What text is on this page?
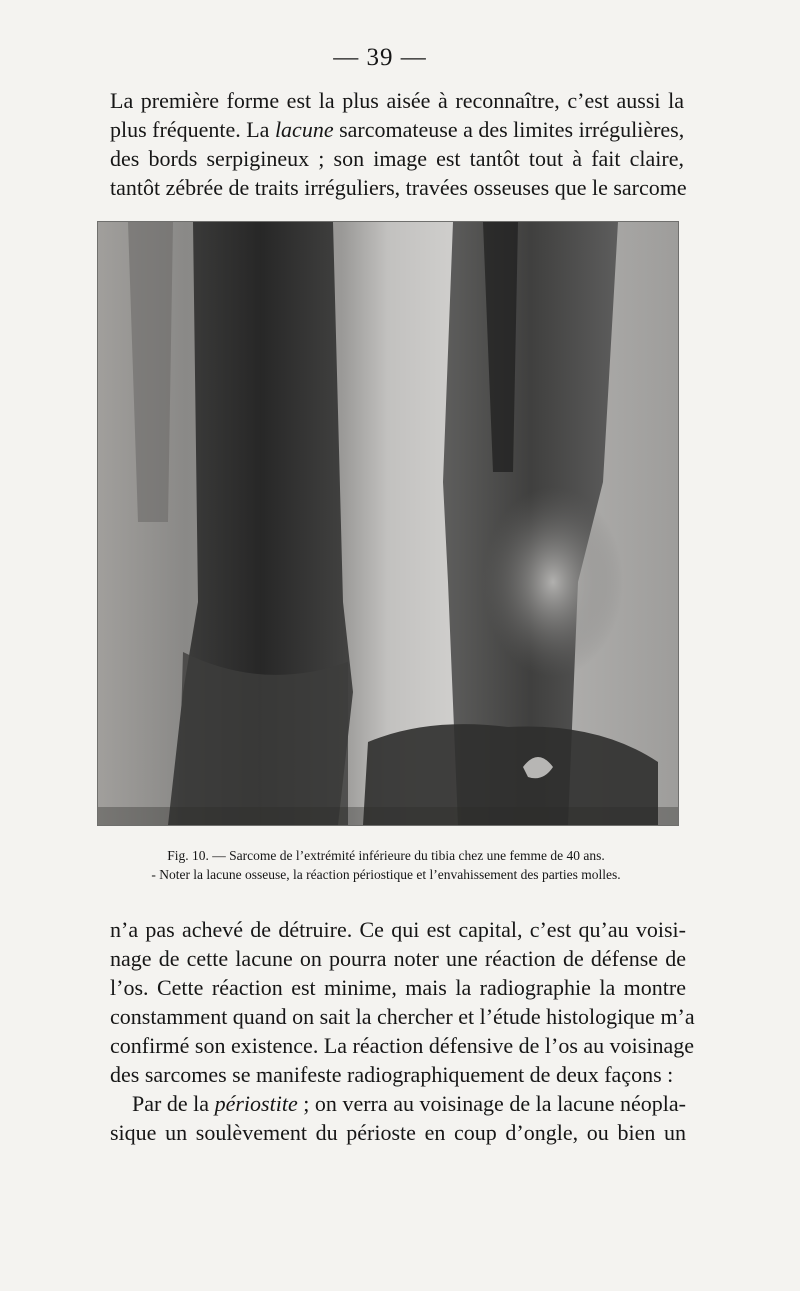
— 39 —

La première forme est la plus aisée à reconnaître, c’est aussi la
plus fréquente. La lacune sarcomateuse a des limites irrégulières,
des bords serpigineux ; son image est tantôt tout à fait claire,
tantôt zébrée de traits irréguliers, travées osseuses que le sarcome

Fig. 10. — Sarcome de l’extrémité inférieure du tibia chez une femme de 40 ans.
- Noter la lacune osseuse, la réaction périostique et l’envahissement des parties molles.

n’a pas achevé de détruire. Ce qui est capital, c’est qu’au voisi-
nage de cette lacune on pourra noter une réaction de défense de
l’os. Cette réaction est minime, mais la radiographie la montre
constamment quand on sait la chercher et l’étude histologique m’a
confirmé son existence. La réaction défensive de l’os au voisinage
des sarcomes se manifeste radiographiquement de deux façons :
Par de la périostite ; on verra au voisinage de la lacune néopla-
sique un soulèvement du périoste en coup d’ongle, ou bien un
